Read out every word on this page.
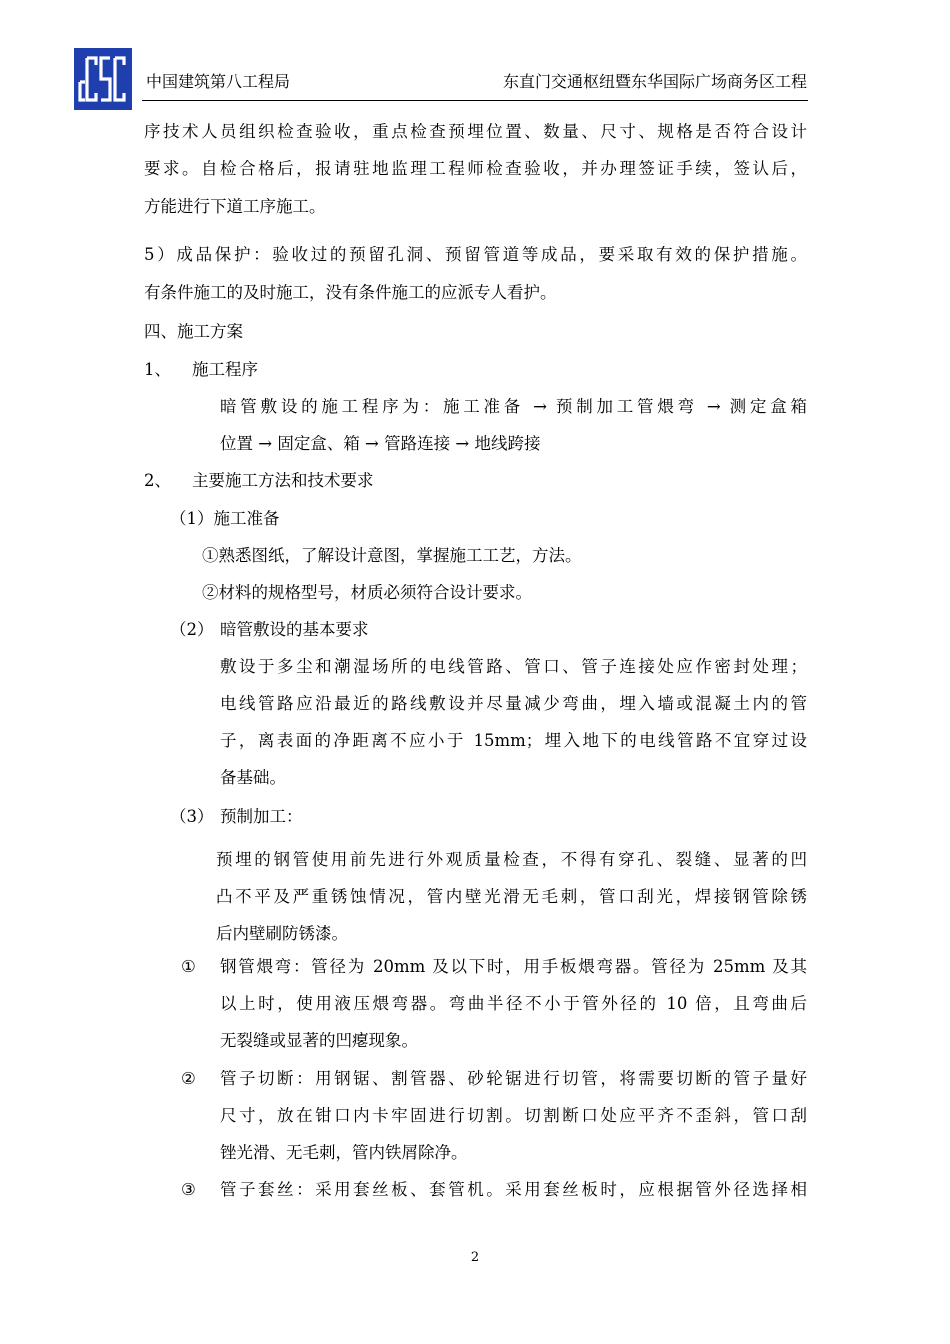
中国建筑第八工程局	东直门交通枢纽暨东华国际广场商务区工程
序技术人员组织检查验收，重点检查预埋位置、数量、尺寸、规格是否符合设计
要求。自检合格后，报请驻地监理工程师检查验收，并办理签证手续，签认后，
方能进行下道工序施工。
5）成品保护：验收过的预留孔洞、预留管道等成品，要采取有效的保护措施。
有条件施工的及时施工，没有条件施工的应派专人看护。
四、施工方案
1、 施工程序
暗管敷设的施工程序为：施工准备 → 预制加工管煨弯 → 测定盒箱
位置 → 固定盒、箱 → 管路连接 → 地线跨接
2、 主要施工方法和技术要求
（1）施工准备
①熟悉图纸，了解设计意图，掌握施工工艺，方法。
②材料的规格型号，材质必须符合设计要求。
（2） 暗管敷设的基本要求
敷设于多尘和潮湿场所的电线管路、管口、管子连接处应作密封处理；
电线管路应沿最近的路线敷设并尽量减少弯曲，埋入墙或混凝土内的管
子，离表面的净距离不应小于 15mm；埋入地下的电线管路不宜穿过设
备基础。
（3） 预制加工：
预埋的钢管使用前先进行外观质量检查，不得有穿孔、裂缝、显著的凹
凸不平及严重锈蚀情况，管内壁光滑无毛刺，管口刮光，焊接钢管除锈
后内壁刷防锈漆。
① 钢管煨弯：管径为 20mm 及以下时，用手板煨弯器。管径为 25mm 及其
以上时，使用液压煨弯器。弯曲半径不小于管外径的 10 倍，且弯曲后
无裂缝或显著的凹瘪现象。
② 管子切断：用钢锯、割管器、砂轮锯进行切管，将需要切断的管子量好
尺寸，放在钳口内卡牢固进行切割。切割断口处应平齐不歪斜，管口刮
锉光滑、无毛刺，管内铁屑除净。
③ 管子套丝：采用套丝板、套管机。采用套丝板时，应根据管外径选择相
2
